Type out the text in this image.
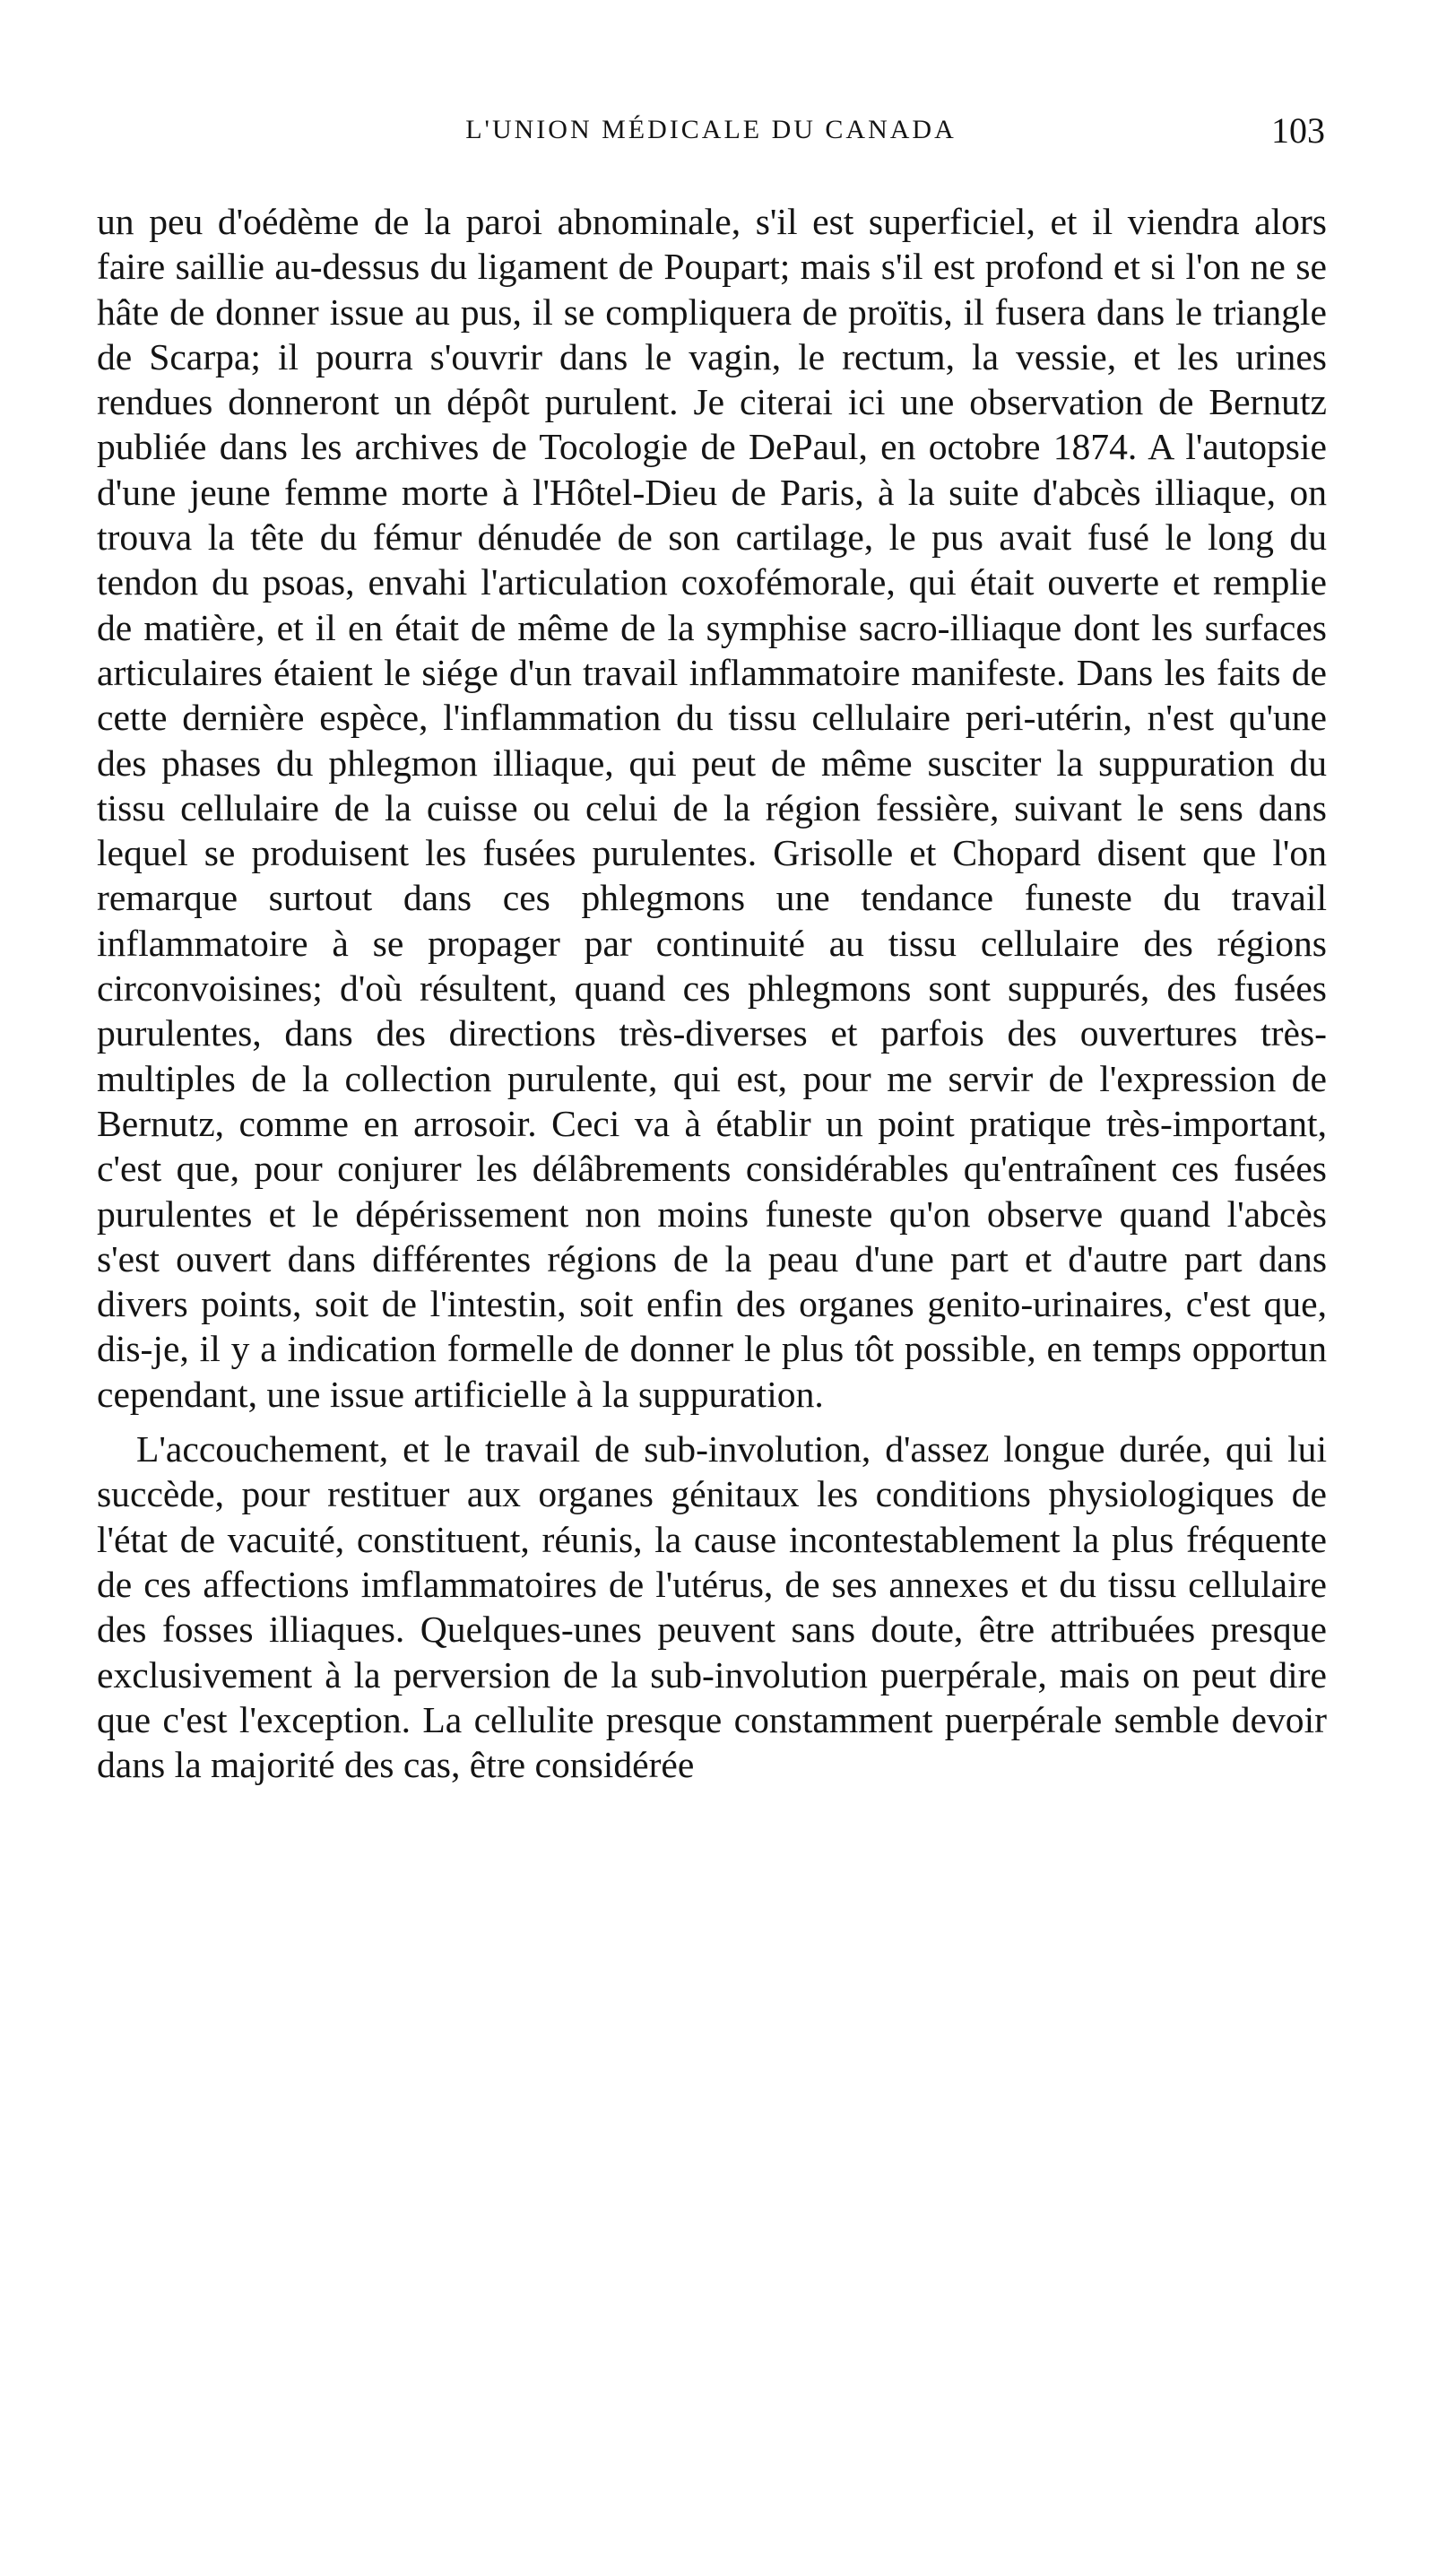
L'UNION MÉDICALE DU CANADA	103

un peu d'oédème de la paroi abnominale, s'il est superficiel, et il viendra alors faire saillie au-dessus du ligament de Poupart; mais s'il est profond et si l'on ne se hâte de donner issue au pus, il se compliquera de proïtis, il fusera dans le triangle de Scarpa; il pourra s'ouvrir dans le vagin, le rectum, la vessie, et les urines rendues donneront un dépôt purulent. Je citerai ici une observation de Bernutz publiée dans les archives de Tocologie de DePaul, en octobre 1874. A l'autopsie d'une jeune femme morte à l'Hôtel-Dieu de Paris, à la suite d'abcès illiaque, on trouva la tête du fémur dénudée de son cartilage, le pus avait fusé le long du tendon du psoas, envahi l'articulation coxofémorale, qui était ouverte et remplie de matière, et il en était de même de la symphise sacro-illiaque dont les surfaces articulaires étaient le siége d'un travail inflammatoire manifeste. Dans les faits de cette dernière espèce, l'inflammation du tissu cellulaire peri-utérin, n'est qu'une des phases du phlegmon illiaque, qui peut de même susciter la suppuration du tissu cellulaire de la cuisse ou celui de la région fessière, suivant le sens dans lequel se produisent les fusées purulentes. Grisolle et Chopard disent que l'on remarque surtout dans ces phlegmons une tendance funeste du travail inflammatoire à se propager par continuité au tissu cellulaire des régions circonvoisines; d'où résultent, quand ces phlegmons sont suppurés, des fusées purulentes, dans des directions très-diverses et parfois des ouvertures très-multiples de la collection purulente, qui est, pour me servir de l'expression de Bernutz, comme en arrosoir. Ceci va à établir un point pratique très-important, c'est que, pour conjurer les délâbrements considérables qu'entraînent ces fusées purulentes et le dépérissement non moins funeste qu'on observe quand l'abcès s'est ouvert dans différentes régions de la peau d'une part et d'autre part dans divers points, soit de l'intestin, soit enfin des organes genito-urinaires, c'est que, dis-je, il y a indication formelle de donner le plus tôt possible, en temps opportun cependant, une issue artificielle à la suppuration.

L'accouchement, et le travail de sub-involution, d'assez longue durée, qui lui succède, pour restituer aux organes génitaux les conditions physiologiques de l'état de vacuité, constituent, réunis, la cause incontestablement la plus fréquente de ces affections imflammatoires de l'utérus, de ses annexes et du tissu cellulaire des fosses illiaques. Quelques-unes peuvent sans doute, être attribuées presque exclusivement à la perversion de la sub-involution puerpérale, mais on peut dire que c'est l'exception. La cellulite presque constamment puerpérale semble devoir dans la majorité des cas, être considérée
